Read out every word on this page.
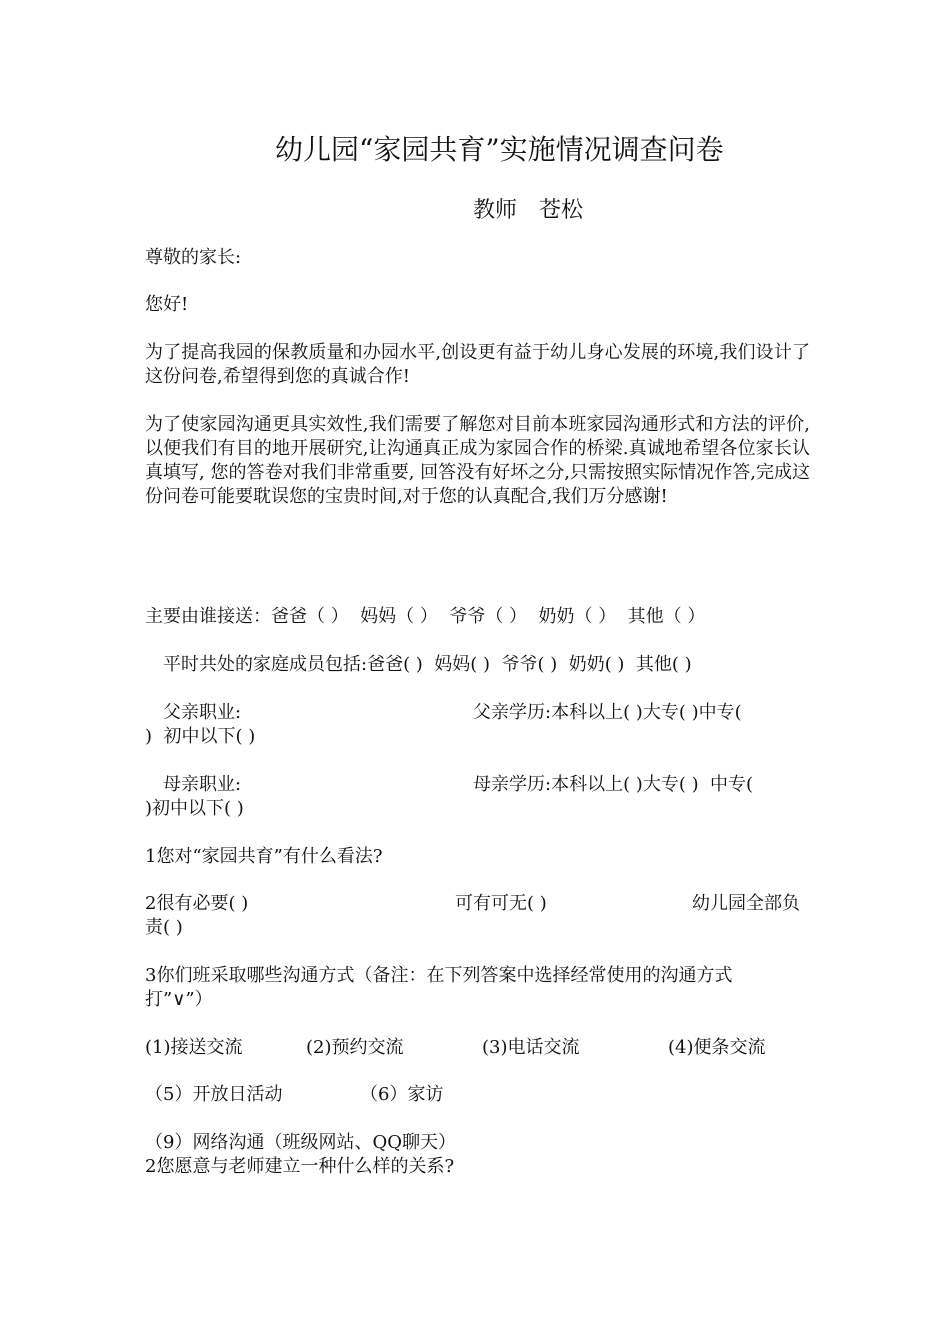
幼儿园“家园共育”实施情况调查问卷
教师　苍松
尊敬的家长:
您好!
为了提高我园的保教质量和办园水平,创设更有益于幼儿身心发展的环境,我们设计了这份问卷,希望得到您的真诚合作!
为了使家园沟通更具实效性,我们需要了解您对目前本班家园沟通形式和方法的评价,以便我们有目的地开展研究,让沟通真正成为家园合作的桥梁.真诚地希望各位家长认真填写, 您的答卷对我们非常重要, 回答没有好坏之分,只需按照实际情况作答,完成这份问卷可能要耽误您的宝贵时间,对于您的认真配合,我们万分感谢!
主要由谁接送：爸爸（ ）  妈妈（ ）  爷爷（ ）  奶奶（ ）  其他（ ）
平时共处的家庭成员包括:爸爸( )  妈妈( )  爷爷( )  奶奶( )  其他( )
父亲职业:	父亲学历:本科以上( )大专( )中专(
)  初中以下( )
母亲职业:	母亲学历:本科以上( )大专( )  中专(
)初中以下( )
1您对“家园共育”有什么看法?
2很有必要( )	可有可无( )	幼儿园全部负
责( )
3你们班采取哪些沟通方式（备注：在下列答案中选择经常使用的沟通方式
打”∨”）
(1)接送交流	(2)预约交流	(3)电话交流	(4)便条交流
（5）开放日活动	（6）家访
（9）网络沟通（班级网站、QQ聊天）
2您愿意与老师建立一种什么样的关系?
